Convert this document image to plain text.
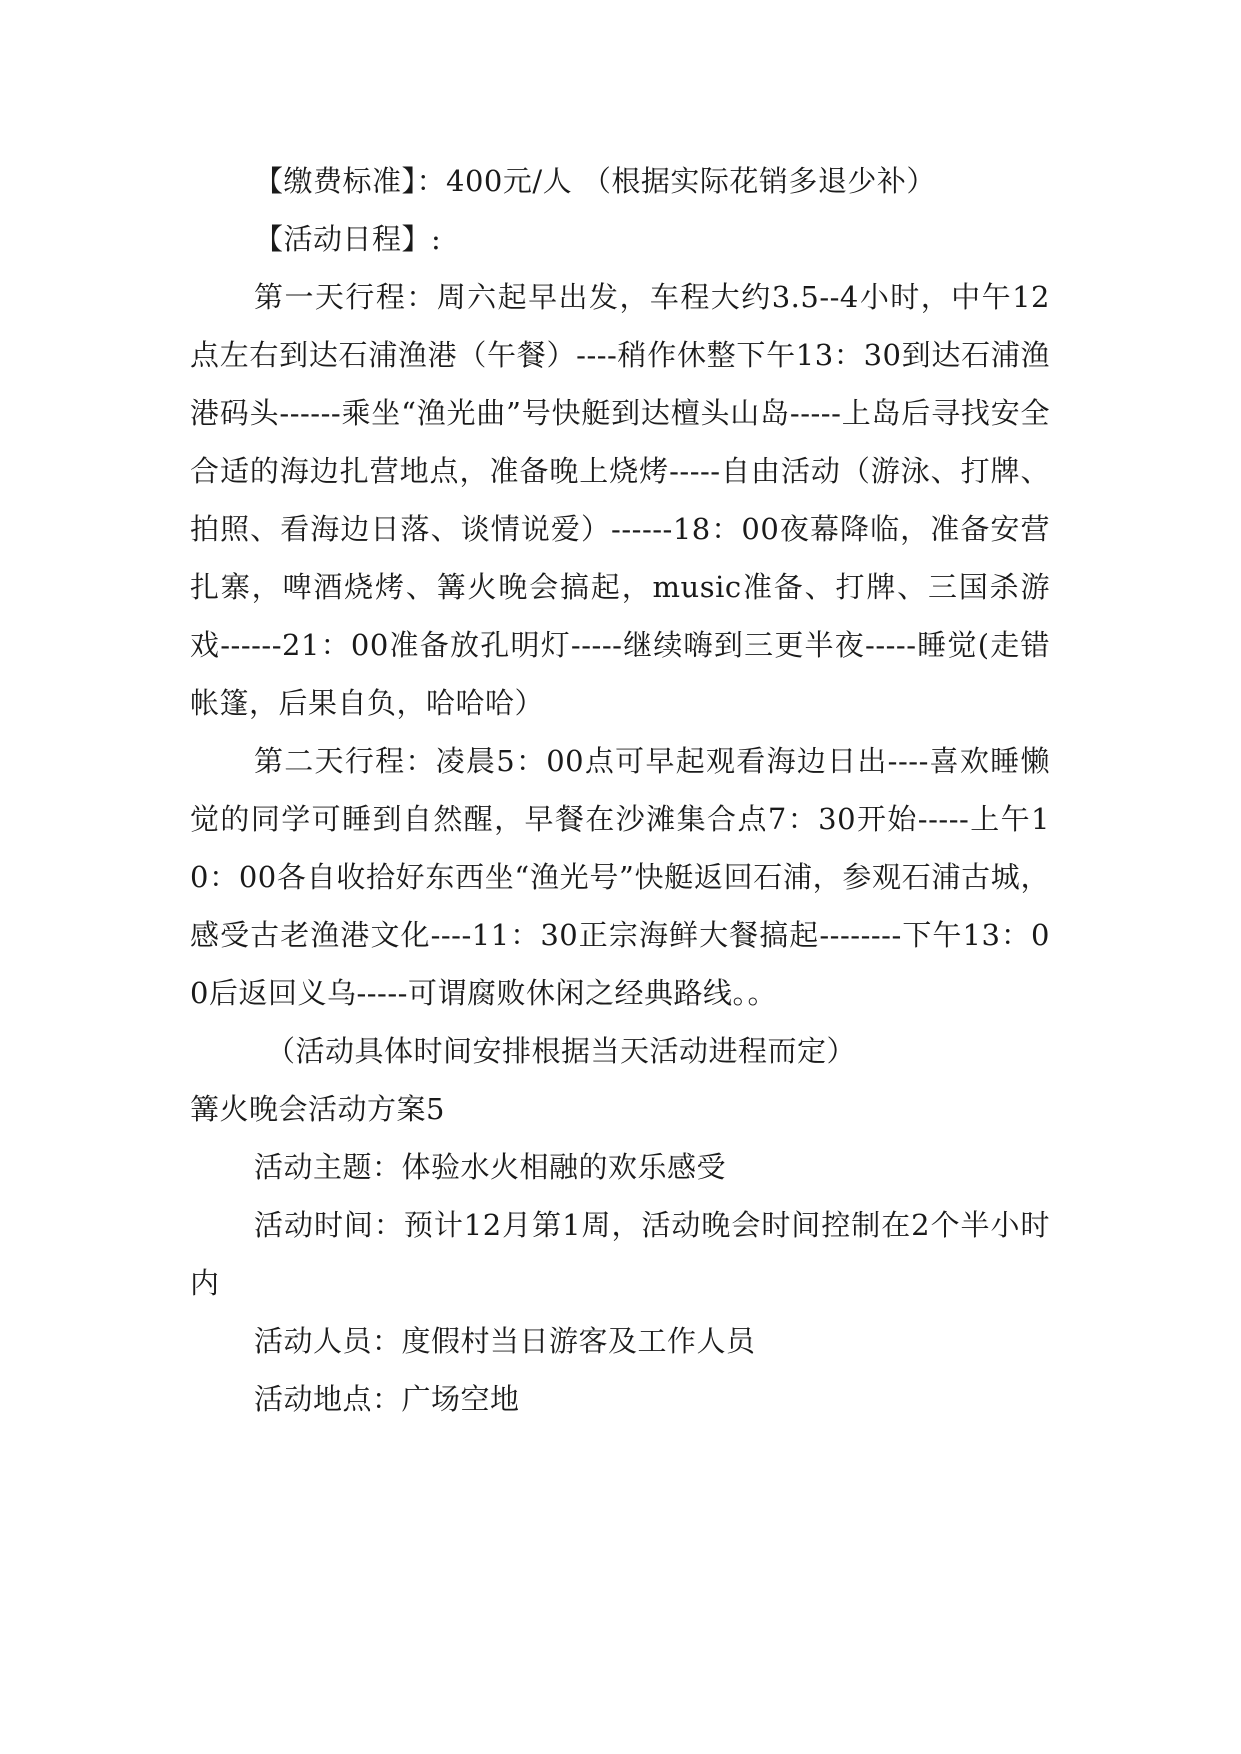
【缴费标准】：400元/人 （根据实际花销多退少补）

【活动日程】:

第一天行程：周六起早出发，车程大约3.5--4小时，中午12点左右到达石浦渔港（午餐）----稍作休整下午13：30到达石浦渔港码头------乘坐“渔光曲”号快艇到达檀头山岛-----上岛后寻找安全合适的海边扎营地点，准备晚上烧烤-----自由活动（游泳、打牌、拍照、看海边日落、谈情说爱）------18：00夜幕降临，准备安营扎寨，啤酒烧烤、篝火晚会搞起，music准备、打牌、三国杀游戏------21：00准备放孔明灯-----继续嗨到三更半夜-----睡觉(走错帐篷，后果自负，哈哈哈）

第二天行程：凌晨5：00点可早起观看海边日出----喜欢睡懒觉的同学可睡到自然醒，早餐在沙滩集合点7：30开始-----上午10：00各自收拾好东西坐“渔光号”快艇返回石浦，参观石浦古城，感受古老渔港文化----11：30正宗海鲜大餐搞起--------下午13：00后返回义乌-----可谓腐败休闲之经典路线。。

（活动具体时间安排根据当天活动进程而定）

篝火晚会活动方案5

活动主题：体验水火相融的欢乐感受

活动时间：预计12月第1周，活动晚会时间控制在2个半小时内

活动人员：度假村当日游客及工作人员

活动地点：广场空地
